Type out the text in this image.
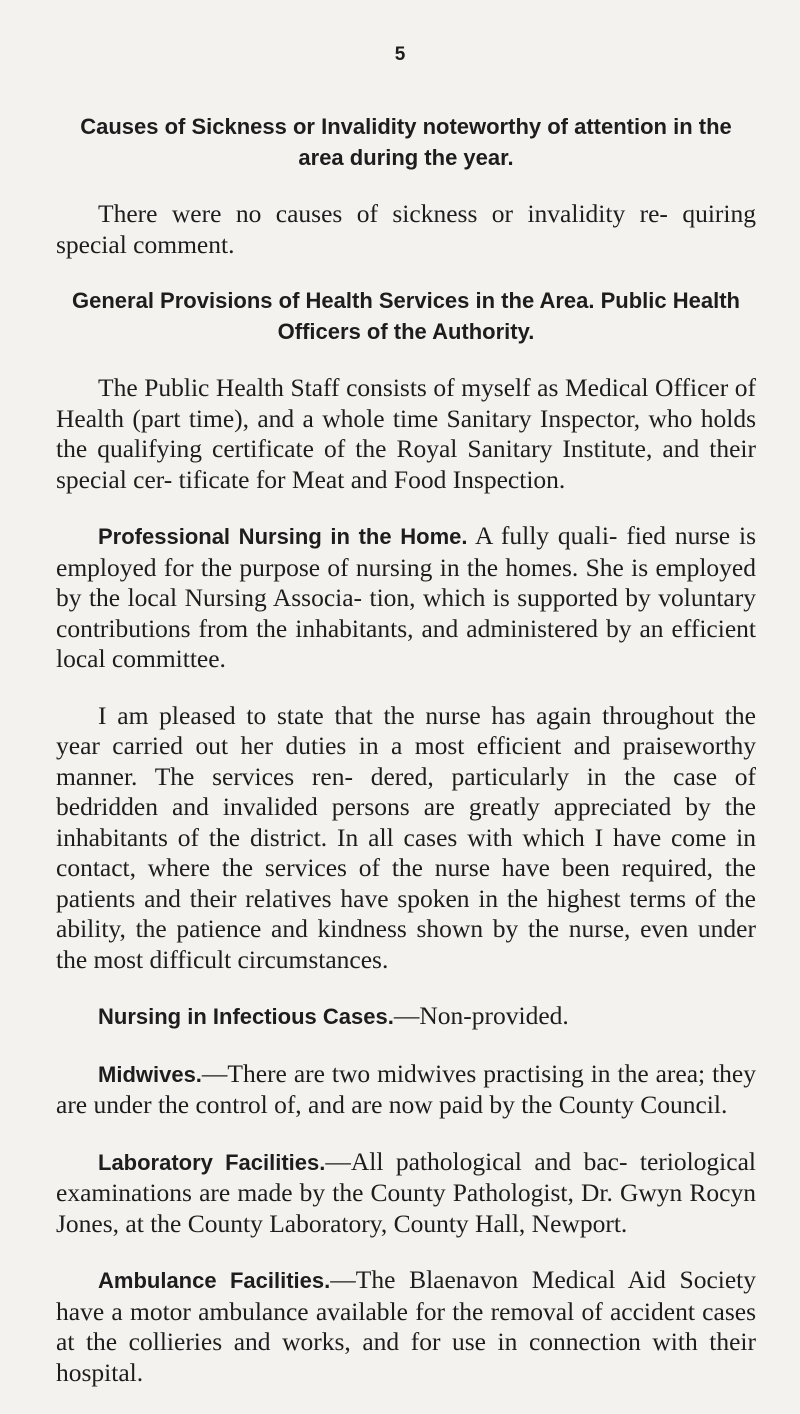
5

Causes of Sickness or Invalidity noteworthy of attention in the area during the year.

There were no causes of sickness or invalidity re- quiring special comment.

General Provisions of Health Services in the Area. Public Health Officers of the Authority.

The Public Health Staff consists of myself as Medical Officer of Health (part time), and a whole time Sanitary Inspector, who holds the qualifying certificate of the Royal Sanitary Institute, and their special cer- tificate for Meat and Food Inspection.

Professional Nursing in the Home. A fully quali- fied nurse is employed for the purpose of nursing in the homes. She is employed by the local Nursing Associa- tion, which is supported by voluntary contributions from the inhabitants, and administered by an efficient local committee.

I am pleased to state that the nurse has again throughout the year carried out her duties in a most efficient and praiseworthy manner. The services ren- dered, particularly in the case of bedridden and invalided persons are greatly appreciated by the inhabitants of the district. In all cases with which I have come in contact, where the services of the nurse have been required, the patients and their relatives have spoken in the highest terms of the ability, the patience and kindness shown by the nurse, even under the most difficult circumstances.

Nursing in Infectious Cases.—Non-provided.

Midwives.—There are two midwives practising in the area; they are under the control of, and are now paid by the County Council.

Laboratory Facilities.—All pathological and bac- teriological examinations are made by the County Pathologist, Dr. Gwyn Rocyn Jones, at the County Laboratory, County Hall, Newport.

Ambulance Facilities.—The Blaenavon Medical Aid Society have a motor ambulance available for the removal of accident cases at the collieries and works, and for use in connection with their hospital.
